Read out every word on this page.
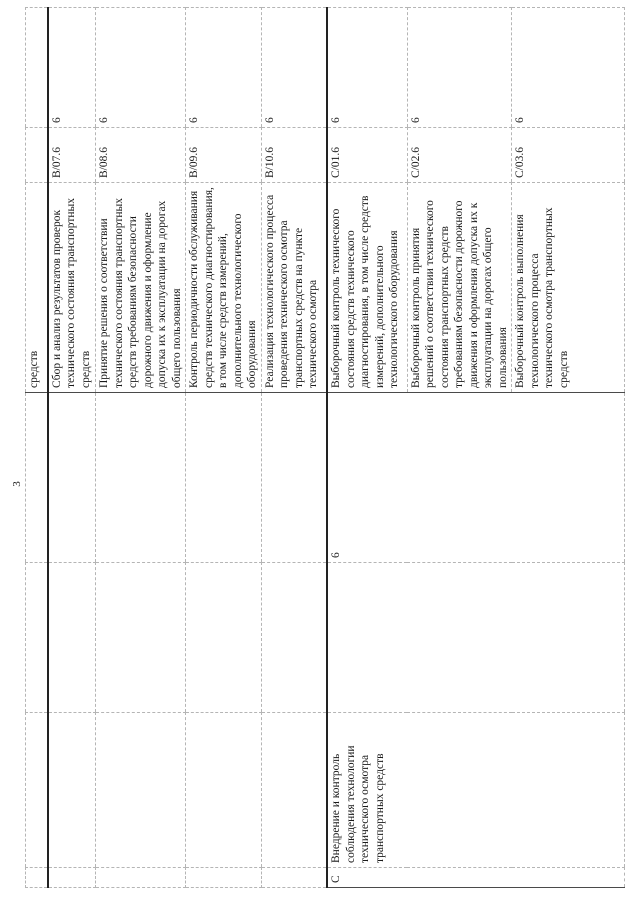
3
				средств		
				Сбор и анализ результатов проверок технического состояния транспортных средств	В/07.6	6
				Принятие решения о соответствии технического состояния транспортных средств требованиям безопасности дорожного движения и оформление допуска их к эксплуатации на дорогах общего пользования	В/08.6	6
				Контроль периодичности обслуживания средств технического диагностирования, в том числе средств измерений, дополнительного технологического оборудования	В/09.6	6
				Реализация технологического процесса проведения технического осмотра транспортных средств на пункте технического осмотра	В/10.6	6
С	Внедрение и контроль соблюдения технологии технического осмотра транспортных средств		6	Выборочный контроль технического состояния средств технического диагностирования, в том числе средств измерений, дополнительного технологического оборудования	С/01.6	6
				Выборочный контроль принятия решений о соответствии технического состояния транспортных средств требованиям безопасности дорожного движения и оформления допуска их к эксплуатации на дорогах общего пользования	С/02.6	6
				Выборочный контроль выполнения технологического процесса технического осмотра транспортных средств	С/03.6	6
